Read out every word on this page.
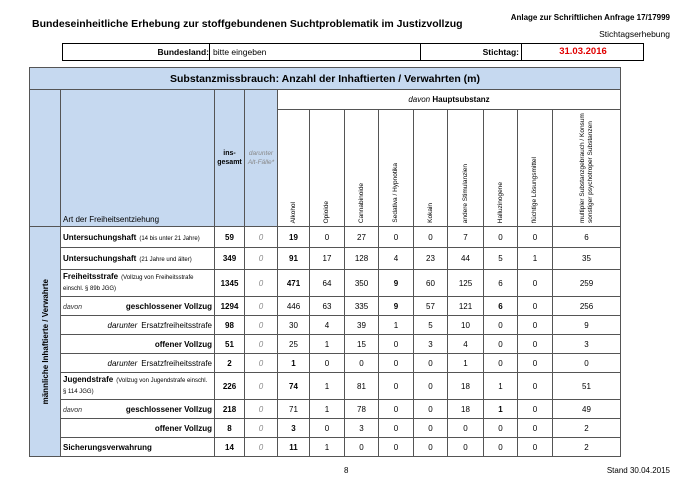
Bundeseinheitliche Erhebung zur stoffgebundenen Suchtproblematik im Justizvollzug
Anlage zur Schriftlichen Anfrage 17/17999
Stichtagserhebung
Bundesland: bitte eingeben	Stichtag:	31.03.2016
Substanzmissbrauch: Anzahl der Inhaftierten / Verwahrten (m)												
	Art der Freiheitsentziehung	ins-gesamt	darunter Alt-Fälle*	davon Hauptsubstanz								

				Alkohol	Opioide	Cannabinoide	Sedativa / Hypnotika	Kokain	andere Stimulanzien	Halluzinogene	flüchtige Lösungsmittel	multipler Substanzgebrauch / Konsum sonstiger psychotroper Substanzen

männliche Inhaftierte / Verwahrte	Untersuchungshaft (14 bis unter 21 Jahre)	59	0	19	0	27	0	0	7	0	0	6
	Untersuchungshaft (21 Jahre und älter)	349	0	91	17	128	4	23	44	5	1	35
	Freiheitsstrafe (Vollzug von Freiheitsstrafe einschl. § 89b JGG)	1345	0	471	64	350	9	60	125	6	0	259
	davon geschlossener Vollzug	1294	0	446	63	335	9	57	121	6	0	256
	darunter Ersatzfreiheitsstrafe	98	0	30	4	39	1	5	10	0	0	9
	offener Vollzug	51	0	25	1	15	0	3	4	0	0	3
	darunter Ersatzfreiheitsstrafe	2	0	1	0	0	0	0	1	0	0	0
	Jugendstrafe (Vollzug von Jugendstrafe einschl. § 114 JGG)	226	0	74	1	81	0	0	18	1	0	51
	davon geschlossener Vollzug	218	0	71	1	78	0	0	18	1	0	49
	offener Vollzug	8	0	3	0	3	0	0	0	0	0	2
	Sicherungsverwahrung	14	0	11	1	0	0	0	0	0	0	2
8	Stand 30.04.2015
